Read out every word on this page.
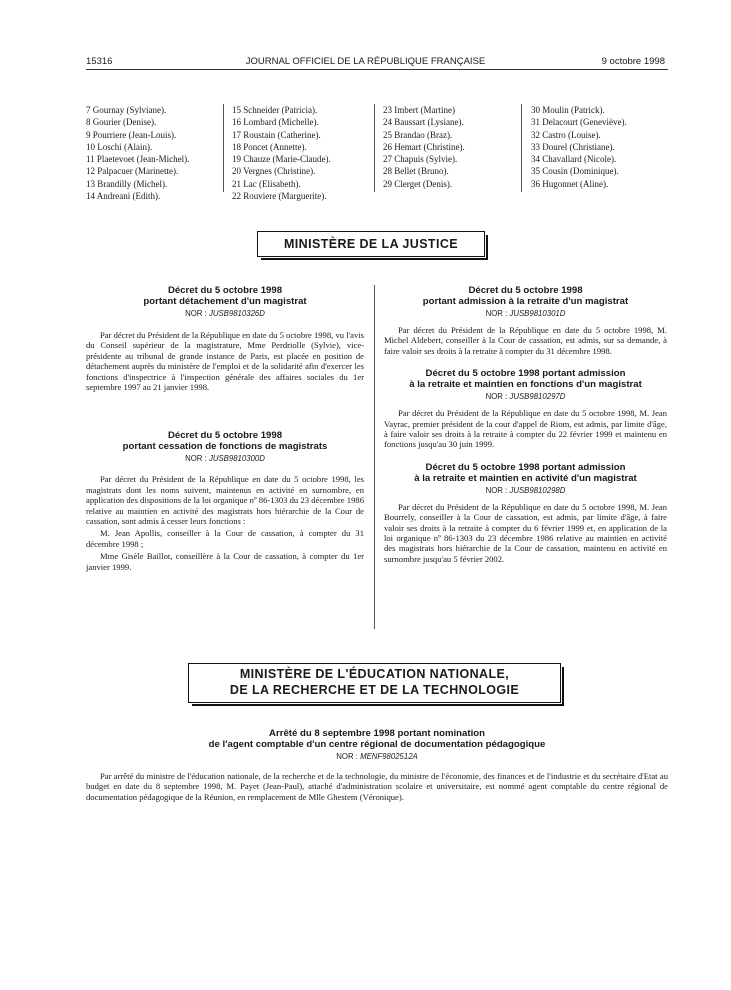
15316	JOURNAL OFFICIEL DE LA RÉPUBLIQUE FRANÇAISE	9 octobre 1998
7 Gournay (Sylviane).
8 Gourier (Denise).
9 Pourriere (Jean-Louis).
10 Loschi (Alain).
11 Plaetevoet (Jean-Michel).
12 Palpacuer (Marinette).
13 Brandilly (Michel).
14 Andreani (Edith).
15 Schneider (Patricia).
16 Lombard (Michelle).
17 Roustain (Catherine).
18 Poncet (Annette).
19 Chauze (Marie-Claude).
20 Vergnes (Christine).
21 Lac (Elisabeth).
22 Rouviere (Marguerite).
23 Imbert (Martine)
24 Baussart (Lysiane).
25 Brandao (Braz).
26 Hemart (Christine).
27 Chapuis (Sylvie).
28 Bellet (Bruno).
29 Clerget (Denis).
30 Moulin (Patrick).
31 Delacourt (Geneviève).
32 Castro (Louise).
33 Dourel (Christiane).
34 Chavallard (Nicole).
35 Cousin (Dominique).
36 Hugonnet (Aline).
MINISTÈRE DE LA JUSTICE
Décret du 5 octobre 1998
portant détachement d'un magistrat
NOR : JUSB9810326D

Par décret du Président de la République en date du 5 octobre 1998, vu l'avis du Conseil supérieur de la magistrature, Mme Perdriolle (Sylvie), vice-présidente au tribunal de grande instance de Paris, est placée en position de détachement auprès du ministère de l'emploi et de la solidarité afin d'exercer les fonctions d'inspectrice à l'inspection générale des affaires sociales du 1er septembre 1997 au 21 janvier 1998.

Décret du 5 octobre 1998
portant cessation de fonctions de magistrats
NOR : JUSB9810300D

Par décret du Président de la République en date du 5 octobre 1998, les magistrats dont les noms suivent, maintenus en activité en surnombre, en application des dispositions de la loi organique nº 86-1303 du 23 décembre 1986 relative au maintien en activité des magistrats hors hiérarchie de la Cour de cassation, sont admis à cesser leurs fonctions :

M. Jean Apollis, conseiller à la Cour de cassation, à compter du 31 décembre 1998 ;

Mme Gisèle Baillot, conseillère à la Cour de cassation, à compter du 1er janvier 1999.

Décret du 5 octobre 1998
portant admission à la retraite d'un magistrat
NOR : JUSB9810301D

Par décret du Président de la République en date du 5 octobre 1998, M. Michel Aldebert, conseiller à la Cour de cassation, est admis, sur sa demande, à faire valoir ses droits à la retraite à compter du 31 décembre 1998.

Décret du 5 octobre 1998 portant admission
à la retraite et maintien en fonctions d'un magistrat
NOR : JUSB9810297D

Par décret du Président de la République en date du 5 octobre 1998, M. Jean Vayrac, premier président de la cour d'appel de Riom, est admis, par limite d'âge, à faire valoir ses droits à la retraite à compter du 22 février 1999 et maintenu en fonctions jusqu'au 30 juin 1999.

Décret du 5 octobre 1998 portant admission
à la retraite et maintien en activité d'un magistrat
NOR : JUSB9810298D

Par décret du Président de la République en date du 5 octobre 1998, M. Jean Bourrely, conseiller à la Cour de cassation, est admis, par limite d'âge, à faire valoir ses droits à la retraite à compter du 6 février 1999 et, en application de la loi organique nº 86-1303 du 23 décembre 1986 relative au maintien en activité des magistrats hors hiérarchie de la Cour de cassation, maintenu en activité en surnombre jusqu'au 5 février 2002.

MINISTÈRE DE L'ÉDUCATION NATIONALE,
DE LA RECHERCHE ET DE LA TECHNOLOGIE
Arrêté du 8 septembre 1998 portant nomination
de l'agent comptable d'un centre régional de documentation pédagogique
NOR : MENF9802512A

Par arrêté du ministre de l'éducation nationale, de la recherche et de la technologie, du ministre de l'économie, des finances et de l'industrie et du secrétaire d'Etat au budget en date du 8 septembre 1998, M. Payet (Jean-Paul), attaché d'administration scolaire et universitaire, est nommé agent comptable du centre régional de documentation pédagogique de la Réunion, en remplacement de Mlle Ghestem (Véronique).
